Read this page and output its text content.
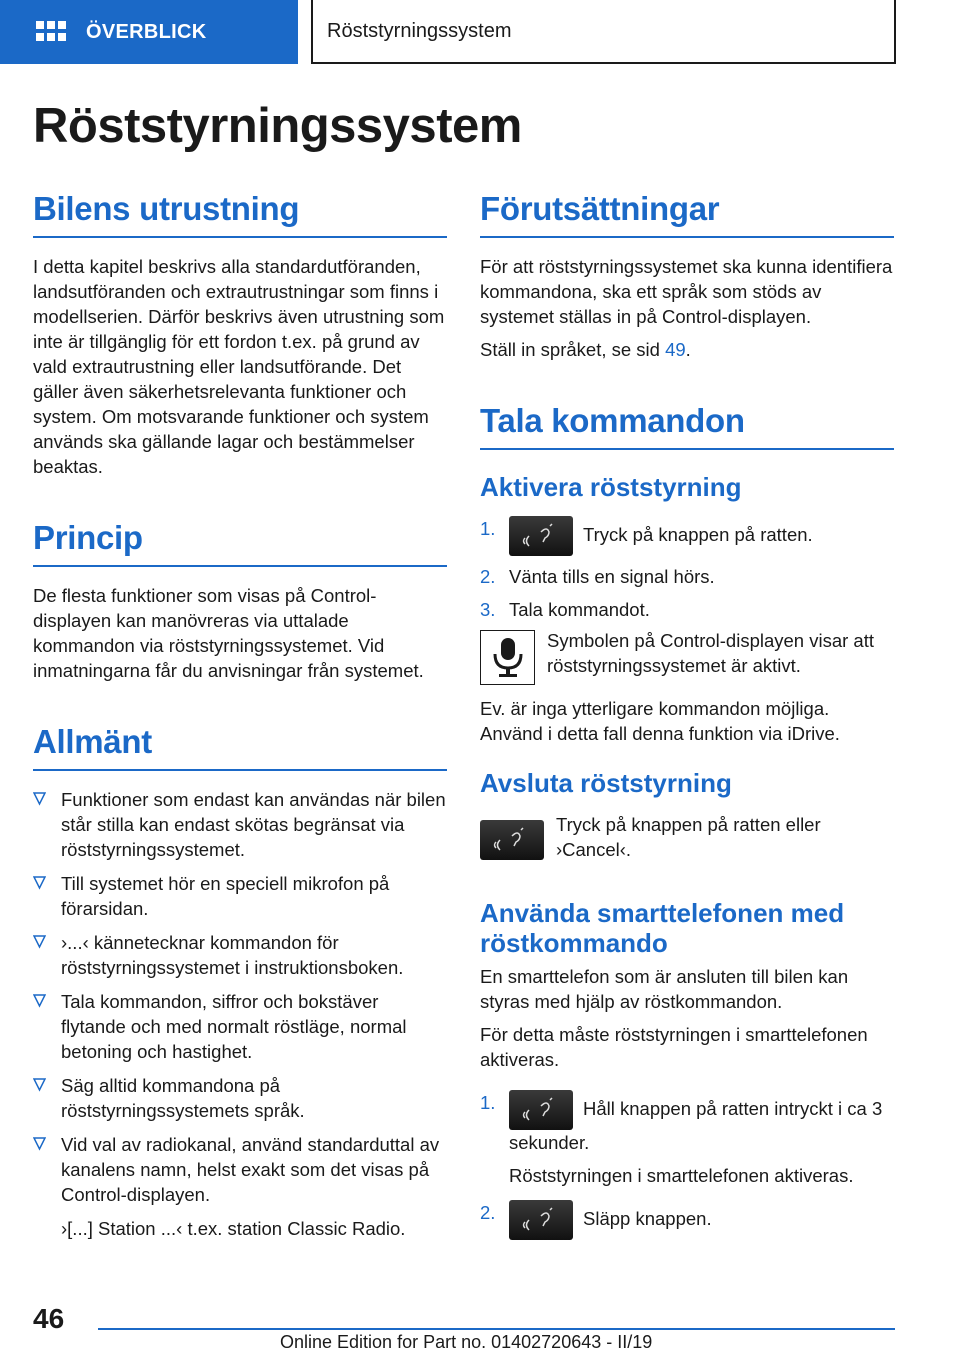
ÖVERBLICK	Röststyrningssystem
Röststyrningssystem
Bilens utrustning

I detta kapitel beskrivs alla standardutföranden, landsutföranden och extrautrustningar som finns i modellserien. Därför beskrivs även utrustning som inte är tillgänglig för ett fordon t.ex. på grund av vald extrautrustning eller landsutförande. Det gäller även säkerhetsrelevanta funktioner och system. Om motsvarande funktioner och system används ska gällande lagar och bestämmelser beaktas.

Princip

De flesta funktioner som visas på Control-displayen kan manövreras via uttalade kommandon via röststyrningssystemet. Vid inmatningarna får du anvisningar från systemet.

Allmänt
Funktioner som endast kan användas när bilen står stilla kan endast skötas begränsat via röststyrningssystemet.
Till systemet hör en speciell mikrofon på förarsidan.
›...‹ kännetecknar kommandon för röststyrningssystemet i instruktionsboken.
Tala kommandon, siffror och bokstäver flytande och med normalt röstläge, normal betoning och hastighet.
Säg alltid kommandona på röststyrningssystemets språk.
Vid val av radiokanal, använd standarduttal av kanalens namn, helst exakt som det visas på Control-displayen.
›[...] Station ...‹ t.ex. station Classic Radio.
Förutsättningar

För att röststyrningssystemet ska kunna identifiera kommandona, ska ett språk som stöds av systemet ställas in på Control-displayen.

Ställ in språket, se sid 49.

Tala kommandon
Aktivera röststyrning
1.	Tryck på knappen på ratten.
2. Vänta tills en signal hörs.
3. Tala kommandot.

Symbolen på Control-displayen visar att röststyrningssystemet är aktivt.

Ev. är inga ytterligare kommandon möjliga. Använd i detta fall denna funktion via iDrive.

Avsluta röststyrning

Tryck på knappen på ratten eller ›Cancel‹.

Använda smarttelefonen med röstkommando

En smarttelefon som är ansluten till bilen kan styras med hjälp av röstkommandon.

För detta måste röststyrningen i smarttelefonen aktiveras.

1.	Håll knappen på ratten intryckt i ca 3 sekunder.
Röststyrningen i smarttelefonen aktiveras.
2.	Släpp knappen.
46
Online Edition for Part no. 01402720643 - II/19
